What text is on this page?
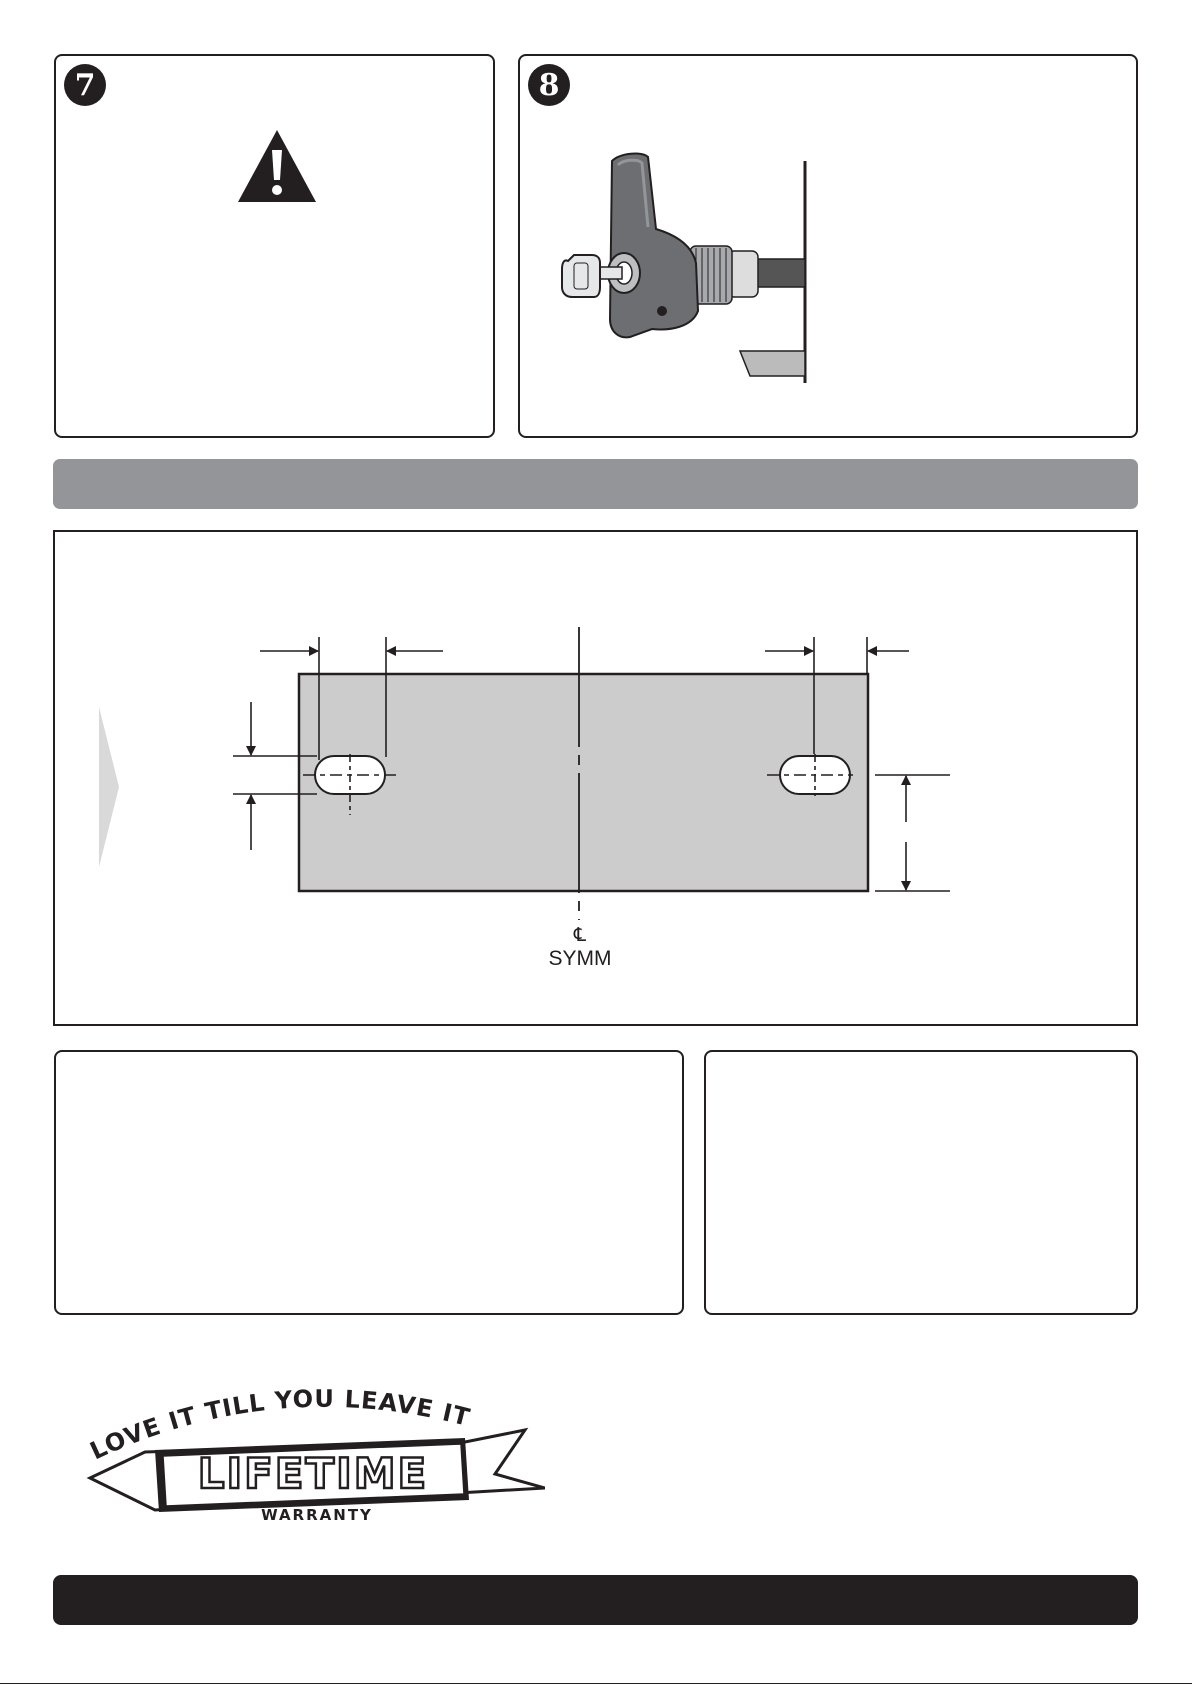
7	8
℄
SYMM
LOVE IT TILL YOU LEAVE IT
LIFETIME
WARRANTY
